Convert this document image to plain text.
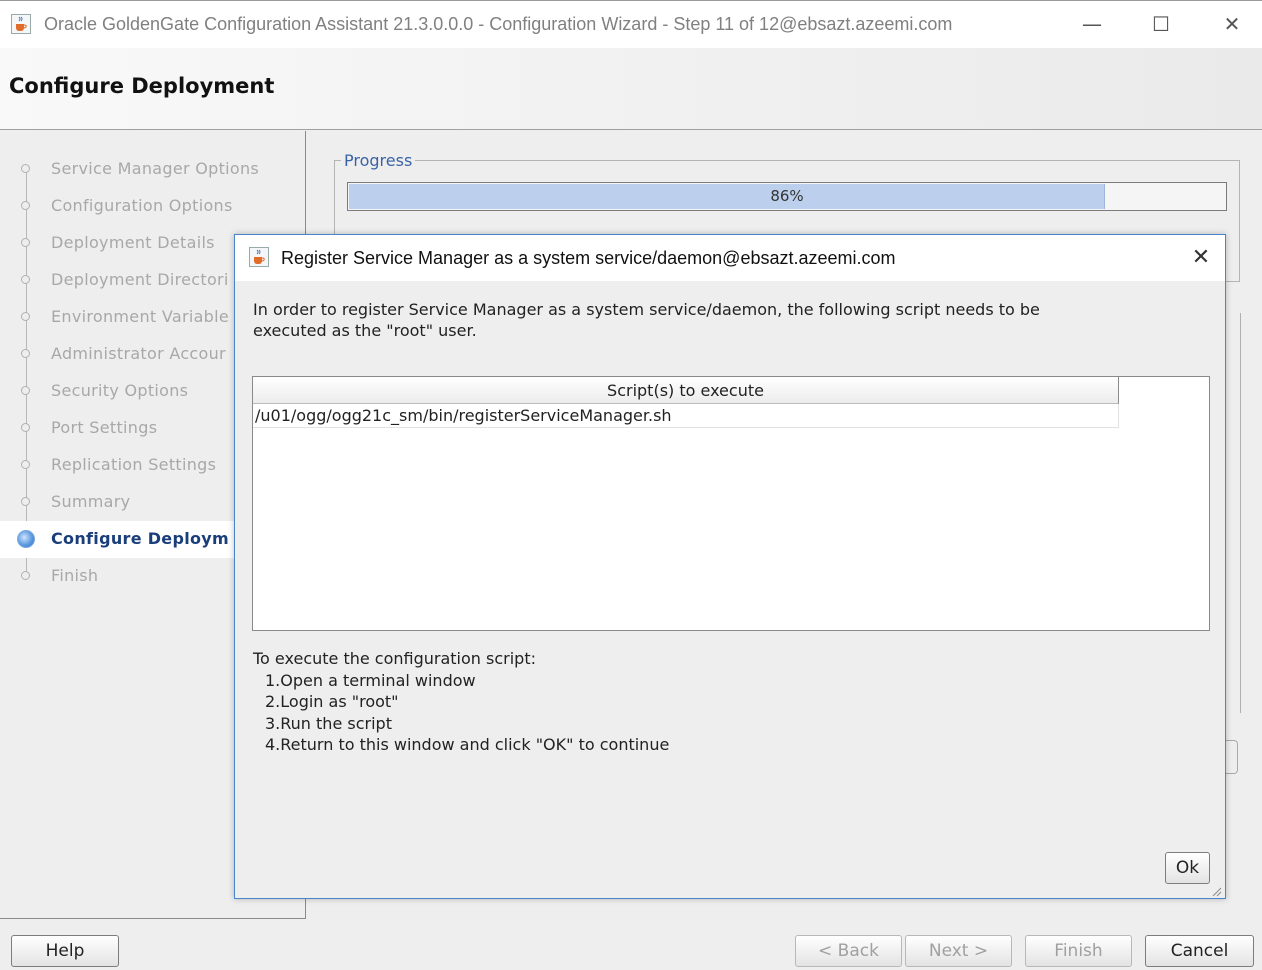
Oracle GoldenGate Configuration Assistant 21.3.0.0.0 - Configuration Wizard - Step 11 of 12@ebsazt.azeemi.com	—	☐	✕
Configure Deployment
Service Manager Options
Configuration Options
Deployment Details
Deployment Directori
Environment Variable
Administrator Accour
Security Options
Port Settings
Replication Settings
Summary
Configure Deploym
Finish
Progress
86%
Help	< Back	Next >	Finish	Cancel
Register Service Manager as a system service/daemon@ebsazt.azeemi.com	✕
In order to register Service Manager as a system service/daemon, the following script needs to be
executed as the "root" user.
Script(s) to execute
/u01/ogg/ogg21c_sm/bin/registerServiceManager.sh
To execute the configuration script:
1.Open a terminal window
2.Login as "root"
3.Run the script
4.Return to this window and click "OK" to continue
Ok
